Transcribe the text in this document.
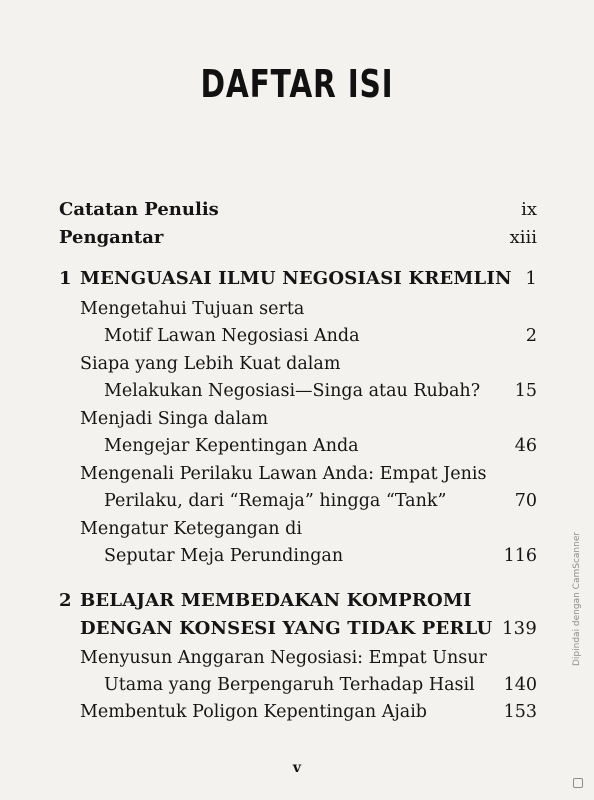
DAFTAR ISI
Catatan Penulis	ix
Pengantar	xiii
1 MENGUASAI ILMU NEGOSIASI KREMLIN 1
Mengetahui Tujuan serta
Motif Lawan Negosiasi Anda	2
Siapa yang Lebih Kuat dalam
Melakukan Negosiasi—Singa atau Rubah? 15
Menjadi Singa dalam
Mengejar Kepentingan Anda	46
Mengenali Perilaku Lawan Anda: Empat Jenis
Perilaku, dari “Remaja” hingga “Tank”	70
Mengatur Ketegangan di
Seputar Meja Perundingan	116
2 BELAJAR MEMBEDAKAN KOMPROMI
DENGAN KONSESI YANG TIDAK PERLU 139
Menyusun Anggaran Negosiasi: Empat Unsur
Utama yang Berpengaruh Terhadap Hasil 140
Membentuk Poligon Kepentingan Ajaib	153
v
Dipindai dengan CamScanner
